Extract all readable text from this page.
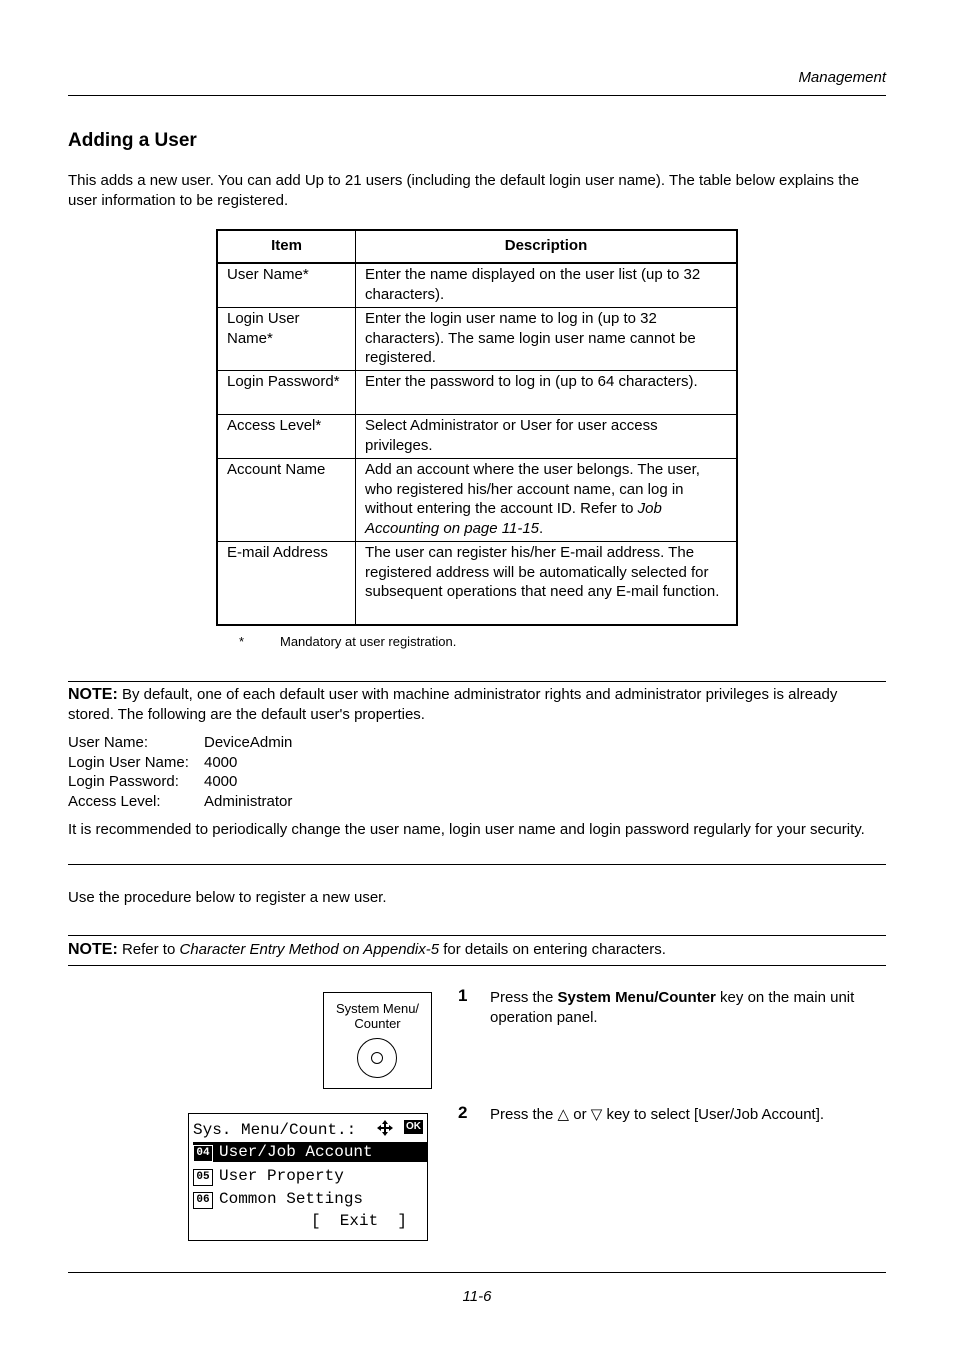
Management
Adding a User
This adds a new user. You can add Up to 21 users (including the default login user name). The table below explains the user information to be registered.
Item	Description
User Name*	Enter the name displayed on the user list (up to 32 characters).
Login User Name*	Enter the login user name to log in (up to 32 characters). The same login user name cannot be registered.
Login Password*	Enter the password to log in (up to 64 characters).
Access Level*	Select Administrator or User for user access privileges.
Account Name	Add an account where the user belongs. The user, who registered his/her account name, can log in without entering the account ID. Refer to Job Accounting on page 11-15.
E-mail Address	The user can register his/her E-mail address. The registered address will be automatically selected for subsequent operations that need any E-mail function.
*	Mandatory at user registration.
NOTE: By default, one of each default user with machine administrator rights and administrator privileges is already stored. The following are the default user's properties.
User Name:	DeviceAdmin
Login User Name: 4000
Login Password: 4000
Access Level:	Administrator
It is recommended to periodically change the user name, login user name and login password regularly for your security.
Use the procedure below to register a new user.
NOTE: Refer to Character Entry Method on Appendix-5 for details on entering characters.
System Menu/
Counter
1 Press the System Menu/Counter key on the main unit operation panel.
2 Press the △ or ▽ key to select [User/Job Account].
Sys. Menu/Count.:	OK
04 User/Job Account
05 User Property
06 Common Settings
[  Exit  ]
11-6
